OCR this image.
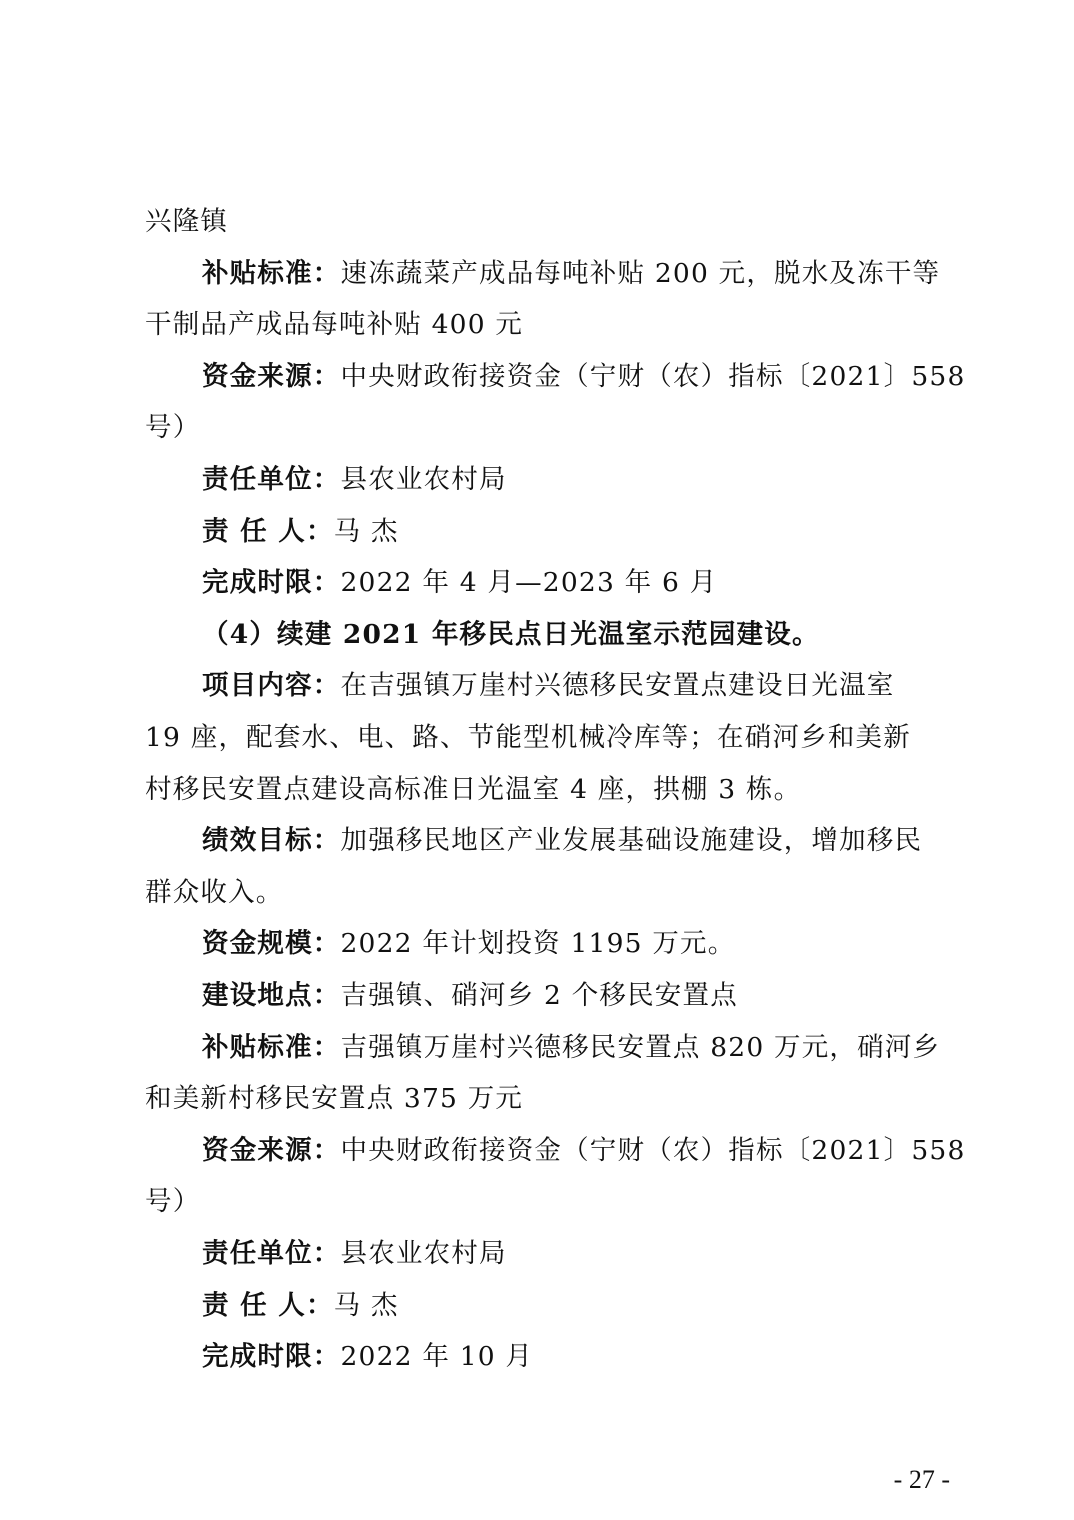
兴隆镇
补贴标准：速冻蔬菜产成品每吨补贴 200 元，脱水及冻干等
干制品产成品每吨补贴 400 元
资金来源：中央财政衔接资金（宁财（农）指标〔2021〕558
号）
责任单位：县农业农村局
责 任 人：马 杰
完成时限：2022 年 4 月—2023 年 6 月
（4）续建 2021 年移民点日光温室示范园建设。
项目内容：在吉强镇万崖村兴德移民安置点建设日光温室
19 座，配套水、电、路、节能型机械冷库等；在硝河乡和美新
村移民安置点建设高标准日光温室 4 座，拱棚 3 栋。
绩效目标：加强移民地区产业发展基础设施建设，增加移民
群众收入。
资金规模：2022 年计划投资 1195 万元。
建设地点：吉强镇、硝河乡 2 个移民安置点
补贴标准：吉强镇万崖村兴德移民安置点 820 万元，硝河乡
和美新村移民安置点 375 万元
资金来源：中央财政衔接资金（宁财（农）指标〔2021〕558
号）
责任单位：县农业农村局
责 任 人：马 杰
完成时限：2022 年 10 月
- 27 -
